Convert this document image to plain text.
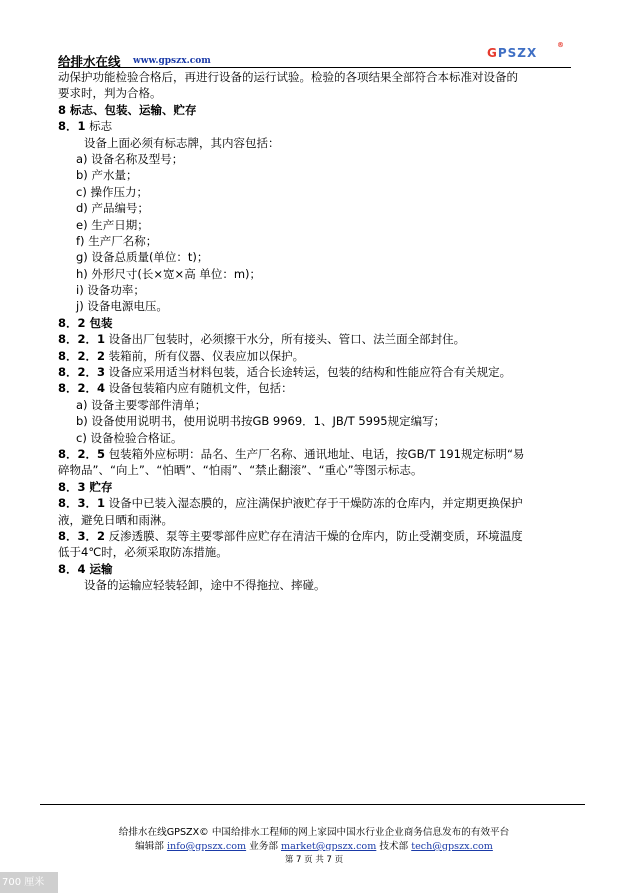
给排水在线 www.gpszx.com
GPSZX
®
动保护功能检验合格后，再进行设备的运行试验。检验的各项结果全部符合本标准对设备的
要求时，判为合格。
8 标志、包装、运输、贮存
8．1 标志
设备上面必须有标志牌，其内容包括：
a) 设备名称及型号；
b) 产水量；
c) 操作压力；
d) 产品编号；
e) 生产日期；
f) 生产厂名称；
g) 设备总质量(单位：t)；
h) 外形尺寸(长×宽×高 单位：m)；
i) 设备功率；
j) 设备电源电压。
8．2 包装
8．2．1 设备出厂包装时，必须擦干水分，所有接头、管口、法兰面全部封住。
8．2．2 装箱前，所有仪器、仪表应加以保护。
8．2．3 设备应采用适当材料包装，适合长途转运，包装的结构和性能应符合有关规定。
8．2．4 设备包装箱内应有随机文件，包括：
a) 设备主要零部件清单；
b) 设备使用说明书，使用说明书按GB 9969．1、JB/T 5995规定编写；
c) 设备检验合格证。
8．2．5 包装箱外应标明：品名、生产厂名称、通讯地址、电话，按GB/T 191规定标明“易
碎物品”、“向上”、“怕晒”、“怕雨”、“禁止翻滚”、“重心”等图示标志。
8．3 贮存
8．3．1 设备中已装入湿态膜的，应注满保护液贮存于干燥防冻的仓库内，并定期更换保护
液，避免日晒和雨淋。
8．3．2 反渗透膜、泵等主要零部件应贮存在清洁干燥的仓库内，防止受潮变质，环境温度
低于4℃时，必须采取防冻措施。
8．4 运输
设备的运输应轻装轻卸，途中不得拖拉、摔碰。
给排水在线GPSZX© 中国给排水工程师的网上家园中国水行业企业商务信息发布的有效平台
编辑部 info@gpszx.com 业务部 market@gpszx.com 技术部 tech@gpszx.com
第 7 页 共 7 页
700 厘米
